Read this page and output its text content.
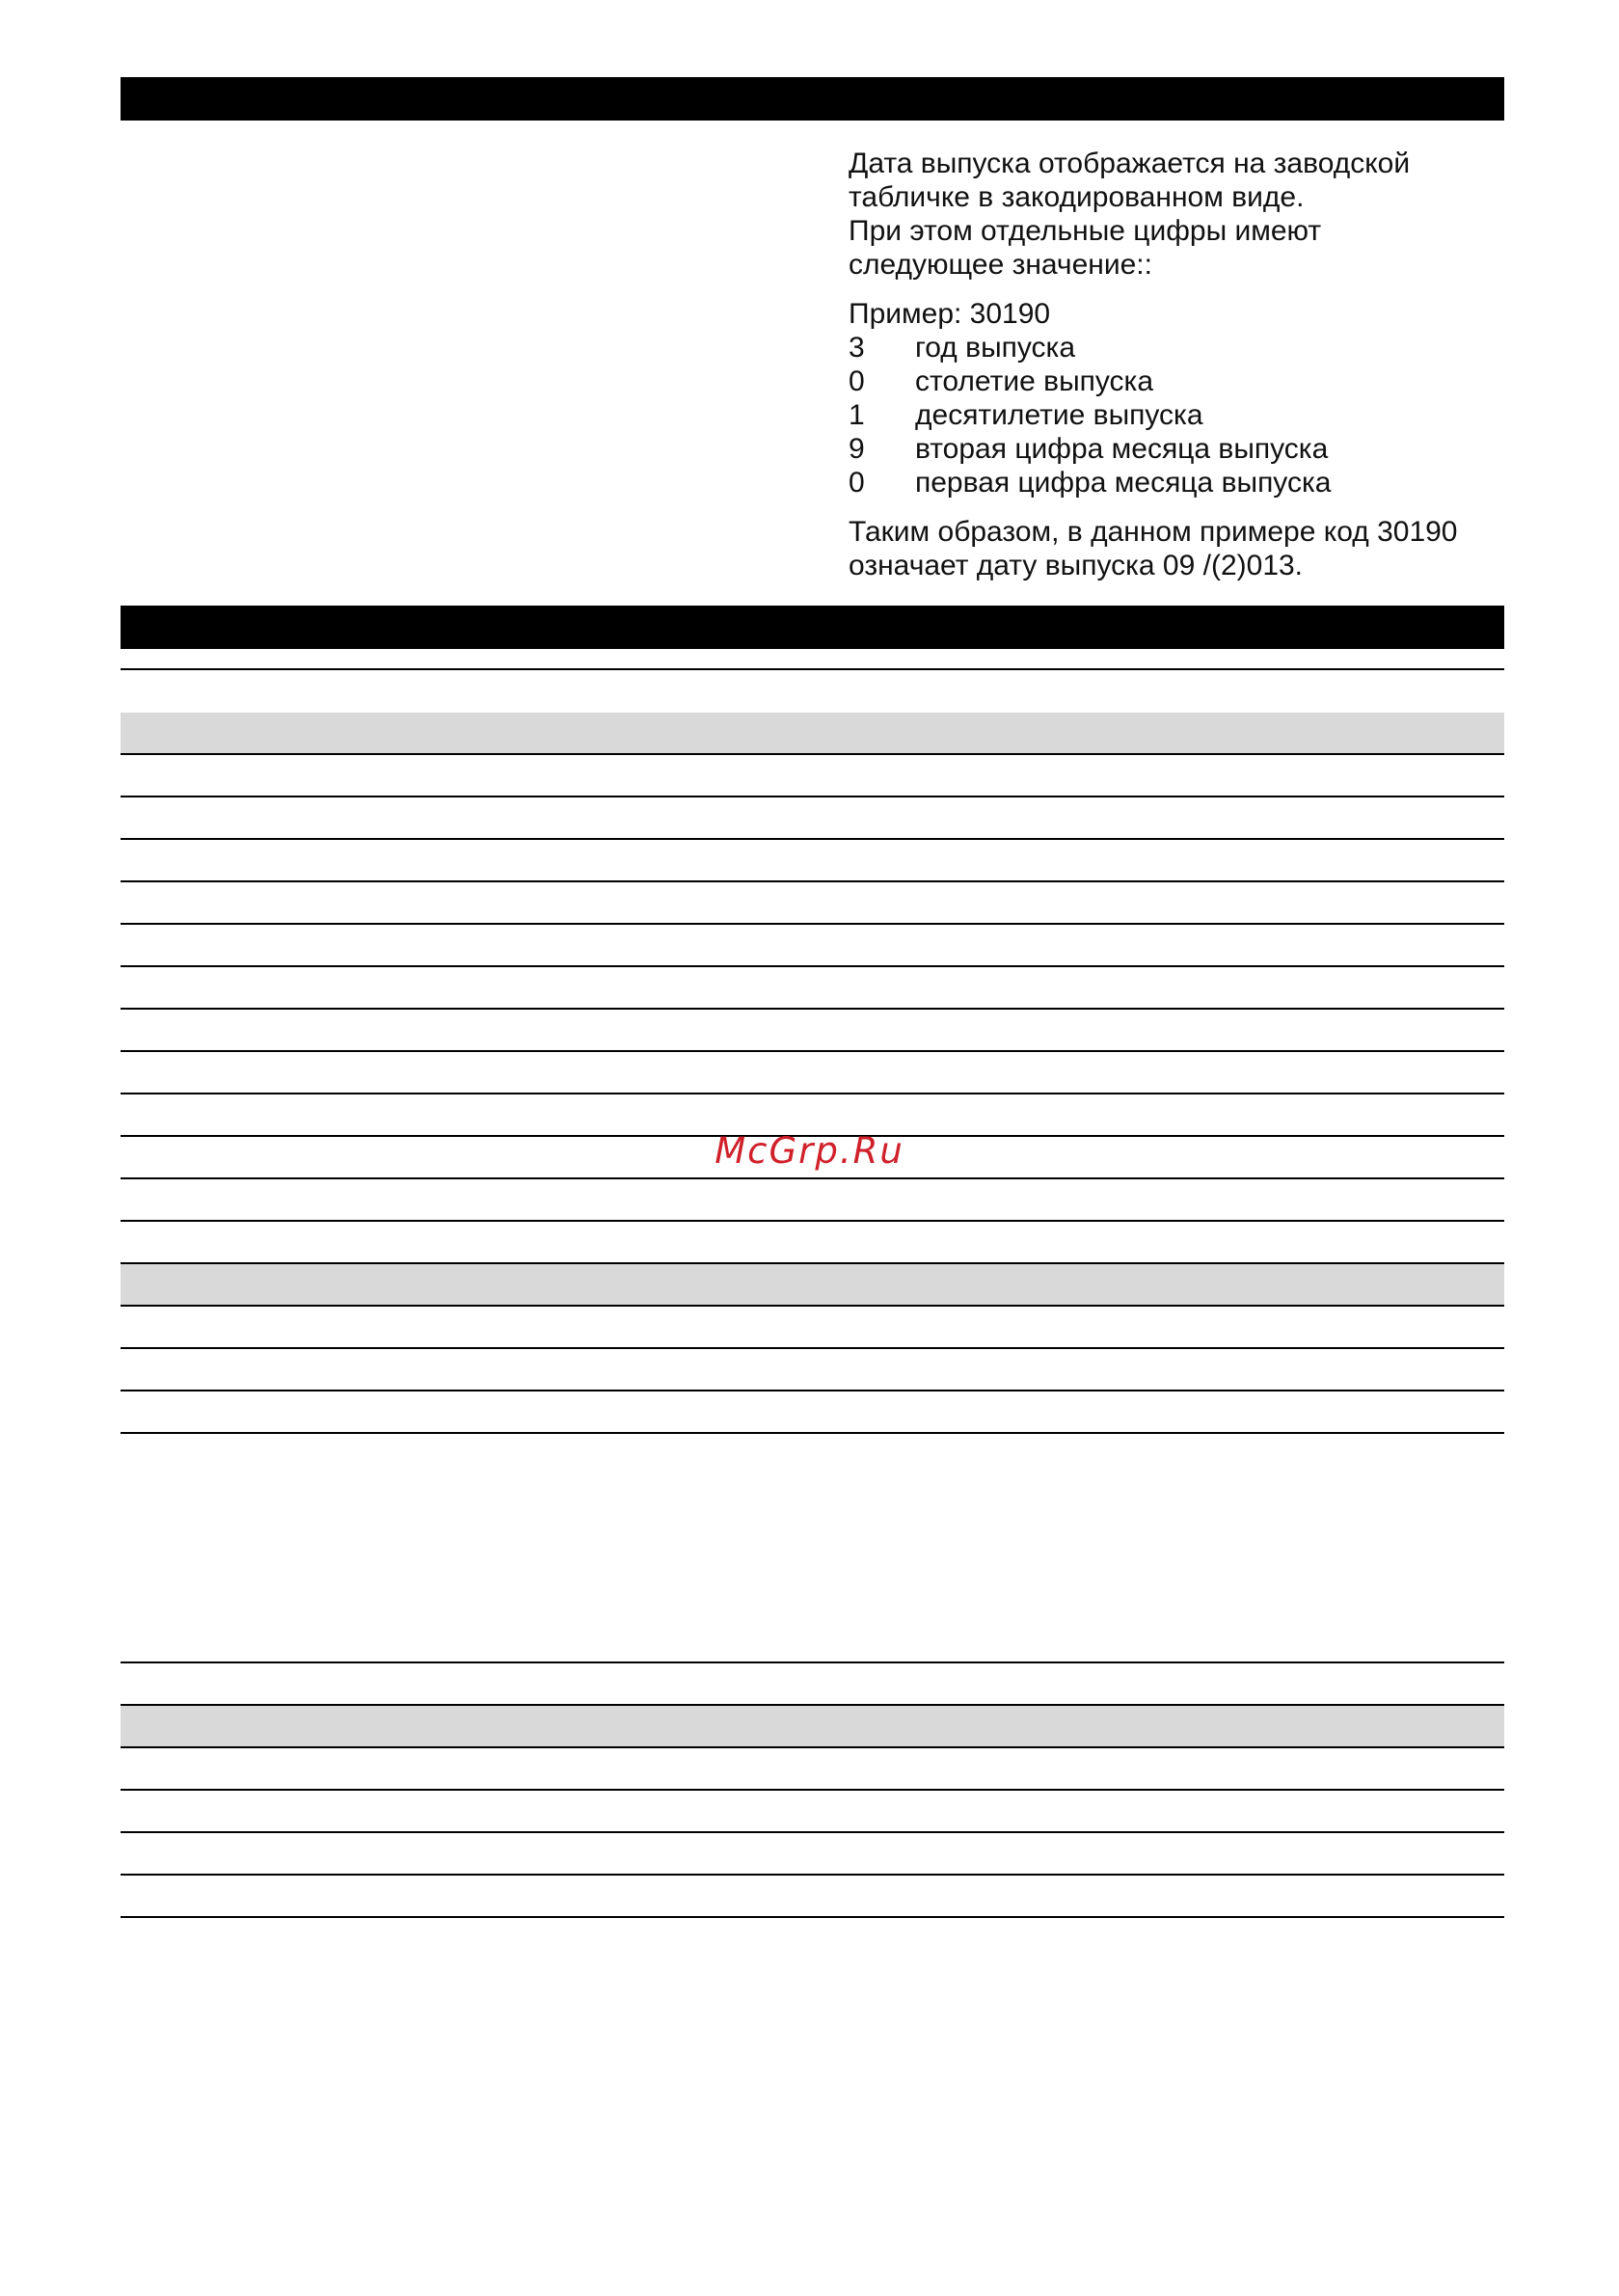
Дата выпуска отображается на заводской

табличке в закодированном виде.

При этом отдельные цифры имеют

следующее значение::

Пример: 30190

3	год выпуска
0	столетие выпуска
1	десятилетие выпуска
9	вторая цифра месяца выпуска
0	первая цифра месяца выпуска

Таким образом, в данном примере код 30190

означает дату выпуска 09 /(2)013.

McGrp.Ru
